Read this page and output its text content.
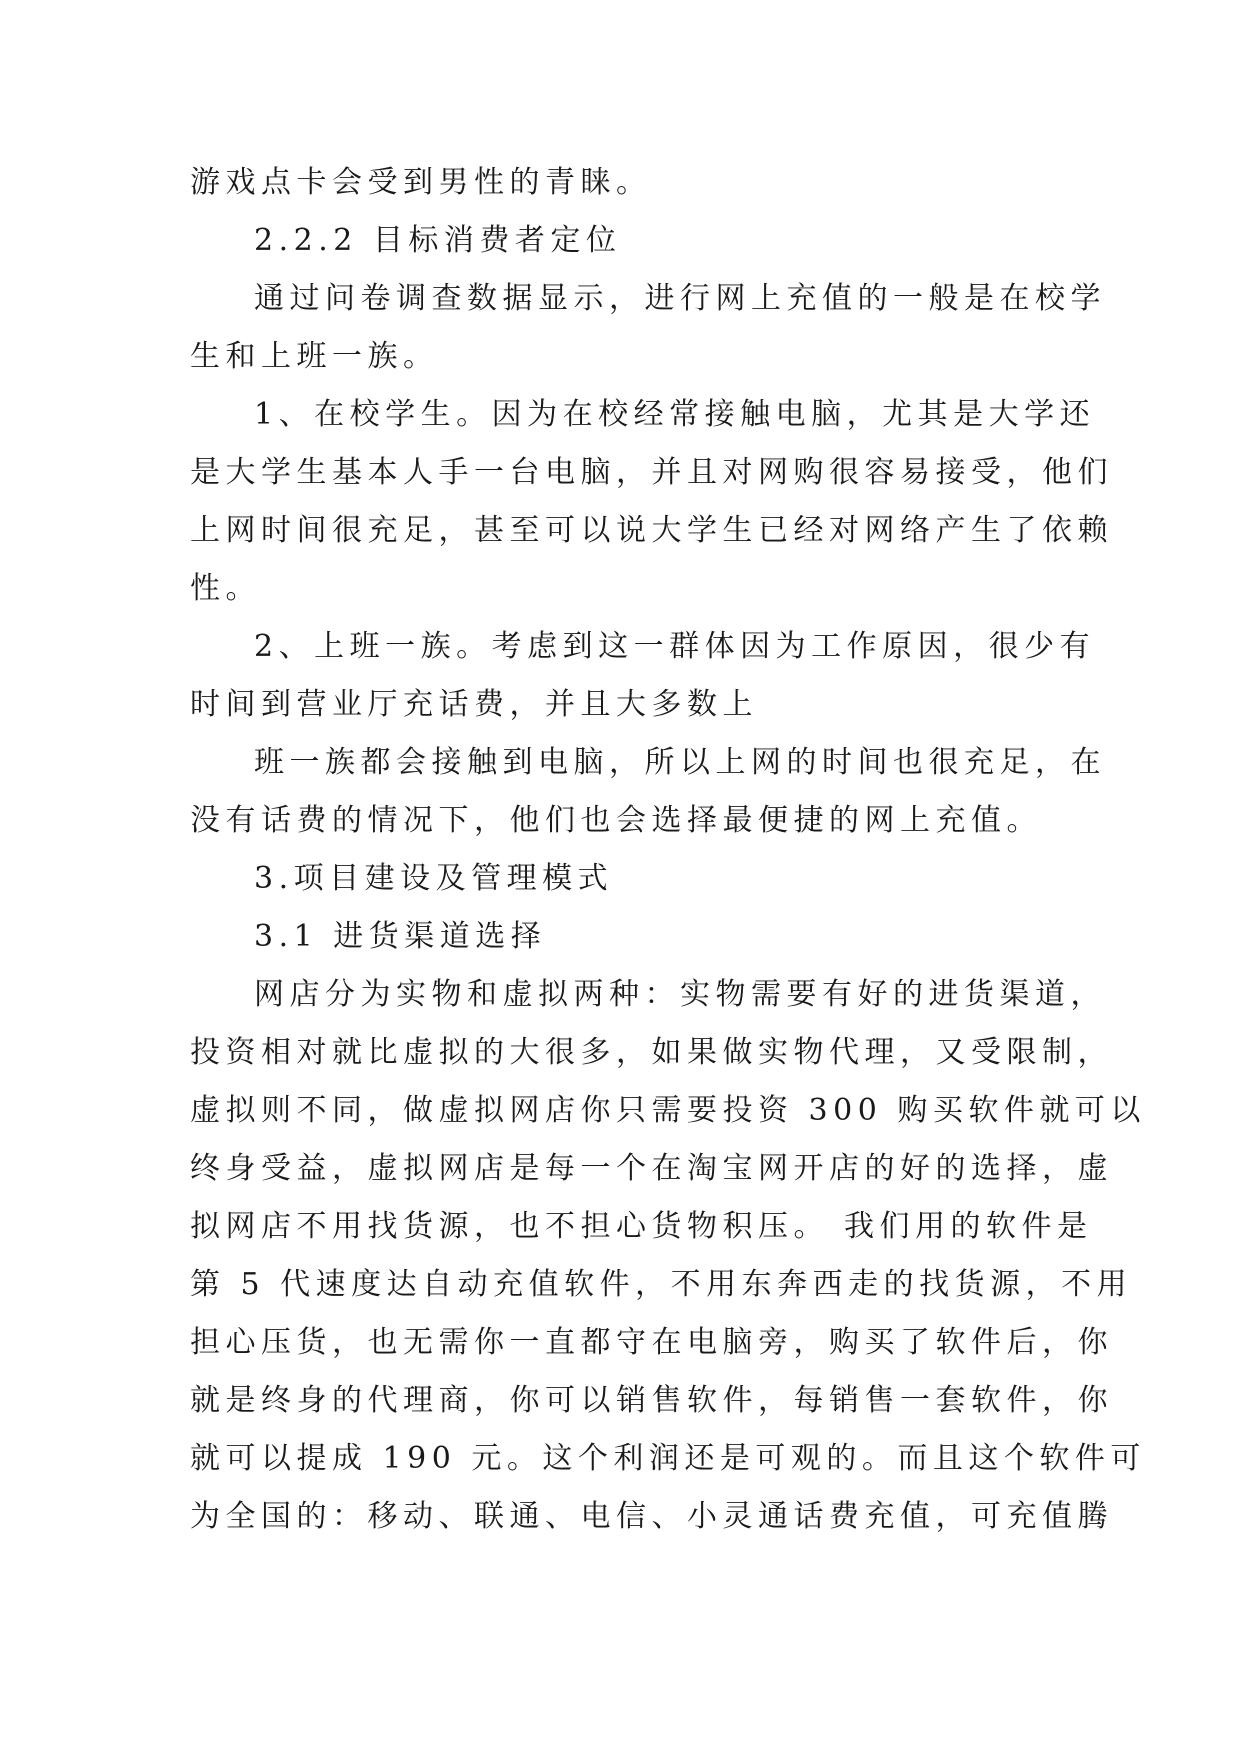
游戏点卡会受到男性的青睐。

2.2.2 目标消费者定位

通过问卷调查数据显示，进行网上充值的一般是在校学

生和上班一族。

1、在校学生。因为在校经常接触电脑，尤其是大学还

是大学生基本人手一台电脑，并且对网购很容易接受，他们

上网时间很充足，甚至可以说大学生已经对网络产生了依赖

性。

2、上班一族。考虑到这一群体因为工作原因，很少有

时间到营业厅充话费，并且大多数上

班一族都会接触到电脑，所以上网的时间也很充足，在

没有话费的情况下，他们也会选择最便捷的网上充值。

3.项目建设及管理模式

3.1 进货渠道选择

网店分为实物和虚拟两种：实物需要有好的进货渠道，

投资相对就比虚拟的大很多，如果做实物代理，又受限制，

虚拟则不同，做虚拟网店你只需要投资 300 购买软件就可以

终身受益，虚拟网店是每一个在淘宝网开店的好的选择，虚

拟网店不用找货源，也不担心货物积压。 我们用的软件是

第 5 代速度达自动充值软件，不用东奔西走的找货源，不用

担心压货，也无需你一直都守在电脑旁，购买了软件后，你

就是终身的代理商，你可以销售软件，每销售一套软件，你

就可以提成 190 元。这个利润还是可观的。而且这个软件可

为全国的：移动、联通、电信、小灵通话费充值，可充值腾
